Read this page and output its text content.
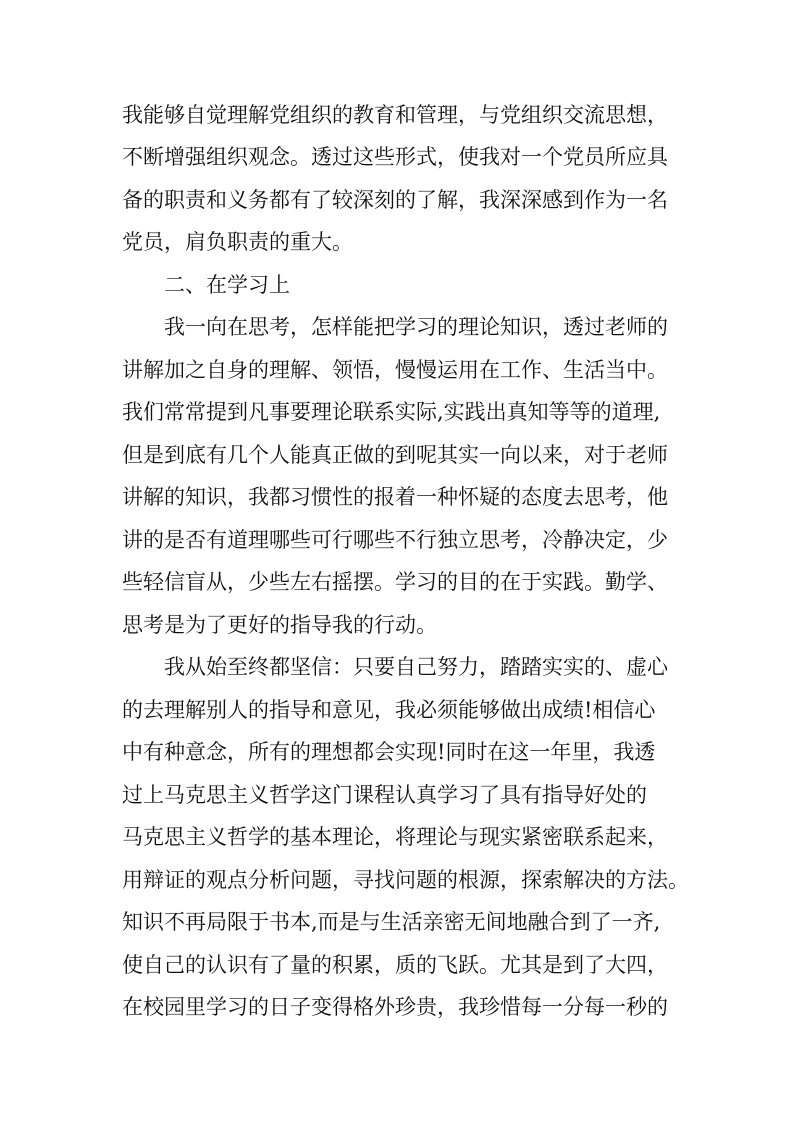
我能够自觉理解党组织的教育和管理，与党组织交流思想，
不断增强组织观念。透过这些形式，使我对一个党员所应具
备的职责和义务都有了较深刻的了解，我深深感到作为一名
党员，肩负职责的重大。
二、在学习上
我一向在思考，怎样能把学习的理论知识，透过老师的
讲解加之自身的理解、领悟，慢慢运用在工作、生活当中。
我们常常提到凡事要理论联系实际,实践出真知等等的道理,
但是到底有几个人能真正做的到呢其实一向以来，对于老师
讲解的知识，我都习惯性的报着一种怀疑的态度去思考，他
讲的是否有道理哪些可行哪些不行独立思考，冷静决定，少
些轻信盲从，少些左右摇摆。学习的目的在于实践。勤学、
思考是为了更好的指导我的行动。
我从始至终都坚信：只要自己努力，踏踏实实的、虚心
的去理解别人的指导和意见，我必须能够做出成绩!相信心
中有种意念，所有的理想都会实现!同时在这一年里，我透
过上马克思主义哲学这门课程认真学习了具有指导好处的
马克思主义哲学的基本理论，将理论与现实紧密联系起来，
用辩证的观点分析问题，寻找问题的根源，探索解决的方法。
知识不再局限于书本,而是与生活亲密无间地融合到了一齐,
使自己的认识有了量的积累，质的飞跃。尤其是到了大四，
在校园里学习的日子变得格外珍贵，我珍惜每一分每一秒的
